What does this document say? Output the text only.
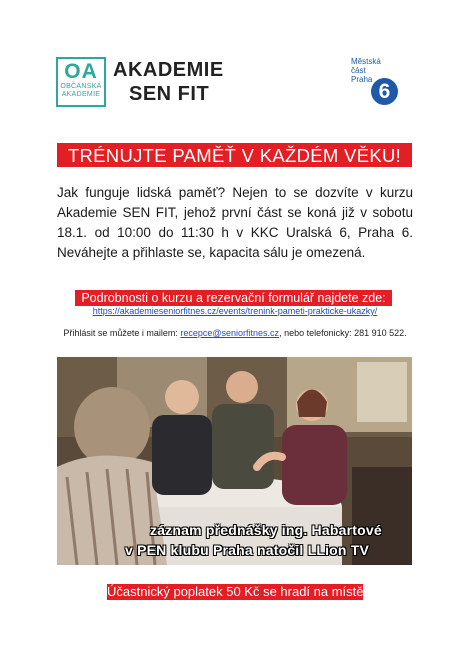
OA
OBČANSKÁ
AKADEMIE
AKADEMIE
SEN FIT
Městská
část
Praha
6
TRÉNUJTE PAMĚŤ V KAŽDÉM VĚKU!
Jak funguje lidská paměť? Nejen to se dozvíte v kurzu Akademie SEN FIT, jehož první část se koná již v sobotu 18.1. od 10:00 do 11:30 h v KKC Uralská 6, Praha 6. Neváhejte a přihlaste se, kapacita sálu je omezená.
Podrobnosti o kurzu a rezervační formulář najdete zde:
https://akademieseniorfitnes.cz/events/trenink-pameti-prakticke-ukazky/
Přihlásit se můžete i mailem: recepce@seniorfitnes.cz, nebo telefonicky: 281 910 522.
záznam přednášky ing. Habartové
v PEN klubu Praha natočil LLion TV
Účastnický poplatek 50 Kč se hradí na místě.
